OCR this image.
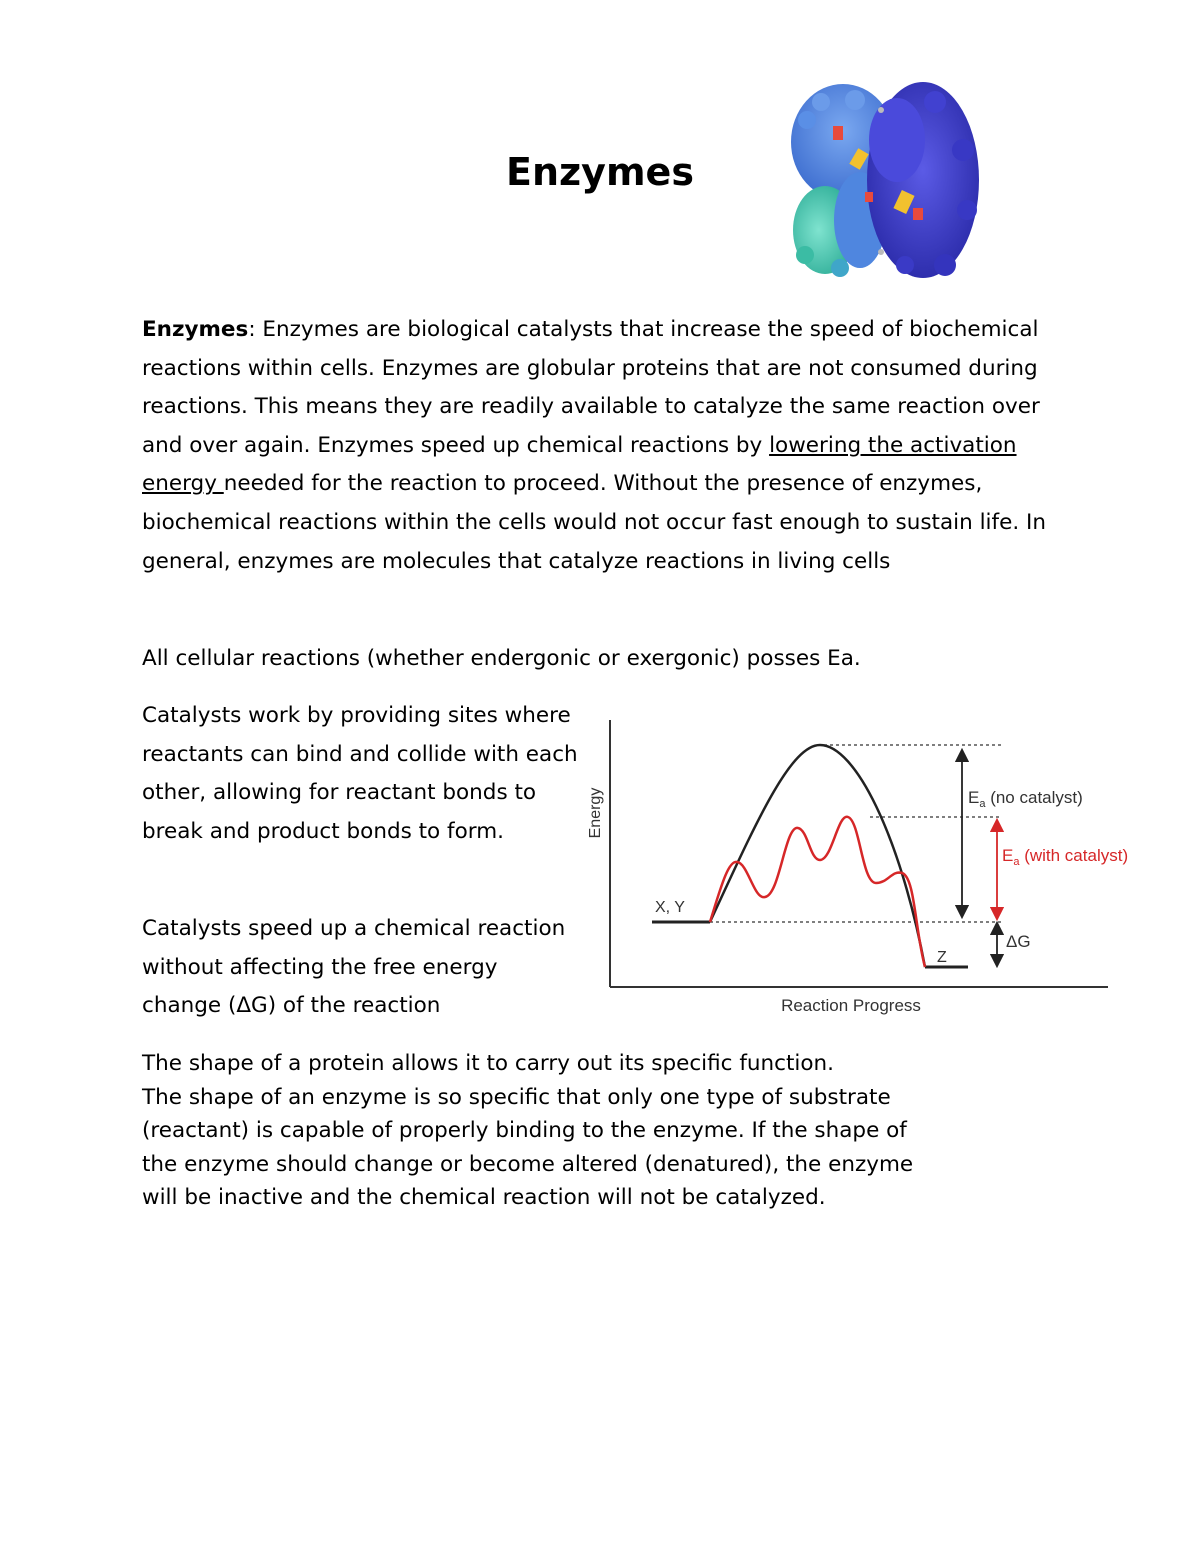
Enzymes

Enzymes: Enzymes are biological catalysts that increase the speed of biochemical reactions within cells. Enzymes are globular proteins that are not consumed during reactions. This means they are readily available to catalyze the same reaction over and over again. Enzymes speed up chemical reactions by lowering the activation energy needed for the reaction to proceed. Without the presence of enzymes, biochemical reactions within the cells would not occur fast enough to sustain life. In general, enzymes are molecules that catalyze reactions in living cells

All cellular reactions (whether endergonic or exergonic) posses Ea.

Catalysts work by providing sites where reactants can bind and collide with each other, allowing for reactant bonds to break and product bonds to form.

Catalysts speed up a chemical reaction without affecting the free energy change (ΔG) of the reaction

The shape of a protein allows it to carry out its specific function.
The shape of an enzyme is so specific that only one type of substrate
(reactant) is capable of properly binding to the enzyme. If the shape of
the enzyme should change or become altered (denatured), the enzyme
will be inactive and the chemical reaction will not be catalyzed.
Energy
Reaction Progress
X, Y
Z
$E_a$ (no catalyst)
$E_a$ (with catalyst)
ΔG
